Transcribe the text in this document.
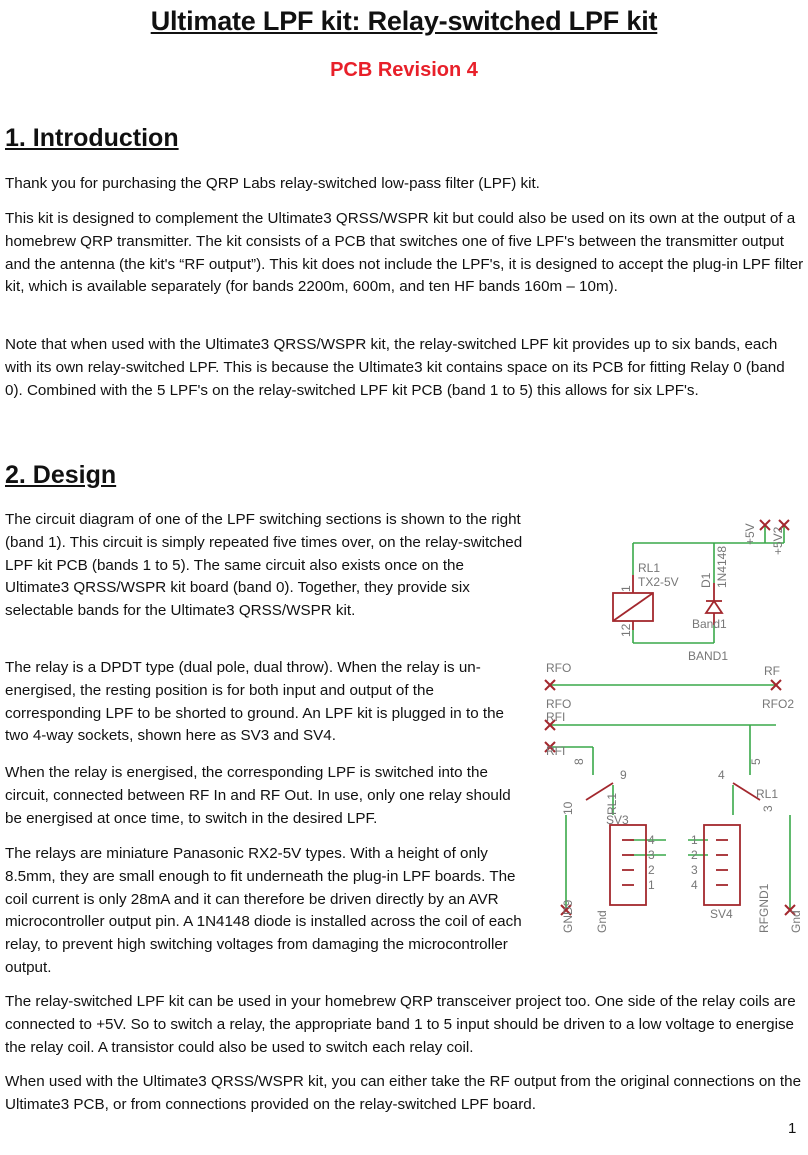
Ultimate LPF kit: Relay-switched LPF kit
PCB Revision 4
1. Introduction

Thank you for purchasing the QRP Labs relay-switched low-pass filter (LPF) kit.

This kit is designed to complement the Ultimate3 QRSS/WSPR kit but could also be used on its own at the output of a homebrew QRP transmitter. The kit consists of a PCB that switches one of five LPF's between the transmitter output and the antenna (the kit's “RF output”). This kit does not include the LPF's, it is designed to accept the plug-in LPF filter kit, which is available separately (for bands 2200m, 600m, and ten HF bands 160m – 10m).

Note that when used with the Ultimate3 QRSS/WSPR kit, the relay-switched LPF kit provides up to six bands, each with its own relay-switched LPF. This is because the Ultimate3 kit contains space on its PCB for fitting Relay 0 (band 0). Combined with the 5 LPF's on the relay-switched LPF kit PCB (band 1 to 5) this allows for six LPF's.

2. Design

The circuit diagram of one of the LPF switching sections is shown to the right (band 1). This circuit is simply repeated five times over, on the relay-switched LPF kit PCB (bands 1 to 5). The same circuit also exists once on the Ultimate3 QRSS/WSPR kit board (band 0). Together, they provide six selectable bands for the Ultimate3 QRSS/WSPR kit.

The relay is a DPDT type (dual pole, dual throw). When the relay is un-energised, the resting position is for both input and output of the corresponding LPF to be shorted to ground. An LPF kit is plugged in to the two 4-way sockets, shown here as SV3 and SV4.

When the relay is energised, the corresponding LPF is switched into the circuit, connected between RF In and RF Out. In use, only one relay should be energised at once time, to switch in the desired LPF.

The relays are miniature Panasonic RX2-5V types. With a height of only 8.5mm, they are small enough to fit underneath the plug-in LPF boards. The coil current is only 28mA and it can therefore be driven directly by an AVR microcontroller output pin. A 1N4148 diode is installed across the coil of each relay, to prevent high switching voltages from damaging the microcontroller output.

The relay-switched LPF kit can be used in your homebrew QRP transceiver project too. One side of the relay coils are connected to +5V. So to switch a relay, the appropriate band 1 to 5 input should be driven to a low voltage to energise the relay coil. A transistor could also be used to switch each relay coil.

When used with the Ultimate3 QRSS/WSPR kit, you can either take the RF output from the original connections on the Ultimate3 PCB, or from connections provided on the relay-switched LPF board.

+5V +5V2
RL1
TX2-5V D1 1N4148
1
12	Band1
BAND1
RFO	RF
RFO	RFO2
RFI
RFI
8	5
9	4
10	3
RL1	RL1
SV3
SV4
4
3
2
1
1
2
3
4
GND9 Gnd	RFGND1 Gnd

1
